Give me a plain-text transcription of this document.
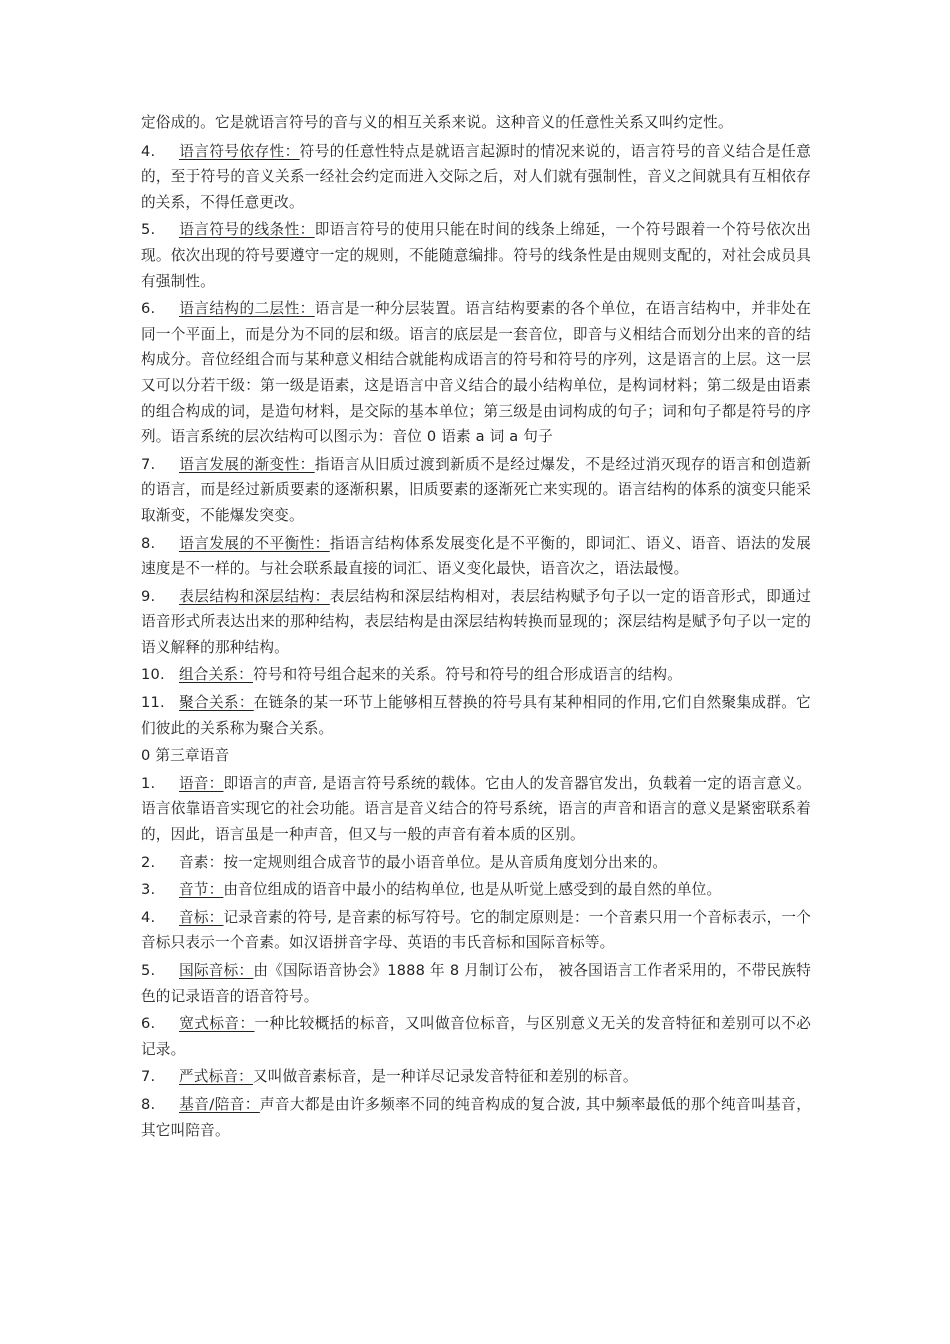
定俗成的。它是就语言符号的音与义的相互关系来说。这种音义的任意性关系又叫约定性。

4. 语言符号依存性：符号的任意性特点是就语言起源时的情况来说的，语言符号的音义结合是任意的，至于符号的音义关系一经社会约定而进入交际之后，对人们就有强制性，音义之间就具有互相依存的关系，不得任意更改。

5. 语言符号的线条性：即语言符号的使用只能在时间的线条上绵延，一个符号跟着一个符号依次出现。依次出现的符号要遵守一定的规则，不能随意编排。符号的线条性是由规则支配的，对社会成员具有强制性。

6. 语言结构的二层性：语言是一种分层装置。语言结构要素的各个单位，在语言结构中，并非处在同一个平面上，而是分为不同的层和级。语言的底层是一套音位，即音与义相结合而划分出来的音的结构成分。音位经组合而与某种意义相结合就能构成语言的符号和符号的序列，这是语言的上层。这一层又可以分若干级：第一级是语素，这是语言中音义结合的最小结构单位，是构词材料；第二级是由语素的组合构成的词，是造句材料，是交际的基本单位；第三级是由词构成的句子；词和句子都是符号的序列。语言系统的层次结构可以图示为：音位 0 语素 a 词 a 句子

7. 语言发展的渐变性：指语言从旧质过渡到新质不是经过爆发，不是经过消灭现存的语言和创造新的语言，而是经过新质要素的逐渐积累，旧质要素的逐渐死亡来实现的。语言结构的体系的演变只能采取渐变，不能爆发突变。

8. 语言发展的不平衡性：指语言结构体系发展变化是不平衡的，即词汇、语义、语音、语法的发展速度是不一样的。与社会联系最直接的词汇、语义变化最快，语音次之，语法最慢。

9. 表层结构和深层结构：表层结构和深层结构相对，表层结构赋予句子以一定的语音形式，即通过语音形式所表达出来的那种结构，表层结构是由深层结构转换而显现的；深层结构是赋予句子以一定的语义解释的那种结构。

10. 组合关系：符号和符号组合起来的关系。符号和符号的组合形成语言的结构。

11. 聚合关系：在链条的某一环节上能够相互替换的符号具有某种相同的作用,它们自然聚集成群。它们彼此的关系称为聚合关系。

0 第三章语音

1. 语音：即语言的声音, 是语言符号系统的载体。它由人的发音器官发出，负载着一定的语言意义。语言依靠语音实现它的社会功能。语言是音义结合的符号系统，语言的声音和语言的意义是紧密联系着的，因此，语言虽是一种声音，但又与一般的声音有着本质的区别。

2. 音素：按一定规则组合成音节的最小语音单位。是从音质角度划分出来的。

3. 音节：由音位组成的语音中最小的结构单位, 也是从听觉上感受到的最自然的单位。

4. 音标：记录音素的符号, 是音素的标写符号。它的制定原则是：一个音素只用一个音标表示，一个音标只表示一个音素。如汉语拼音字母、英语的韦氏音标和国际音标等。

5. 国际音标：由《国际语音协会》1888 年 8 月制订公布， 被各国语言工作者采用的，不带民族特色的记录语音的语音符号。

6. 宽式标音：一种比较概括的标音，又叫做音位标音，与区别意义无关的发音特征和差别可以不必记录。

7. 严式标音：又叫做音素标音，是一种详尽记录发音特征和差别的标音。

8. 基音/陪音：声音大都是由许多频率不同的纯音构成的复合波, 其中频率最低的那个纯音叫基音，其它叫陪音。
